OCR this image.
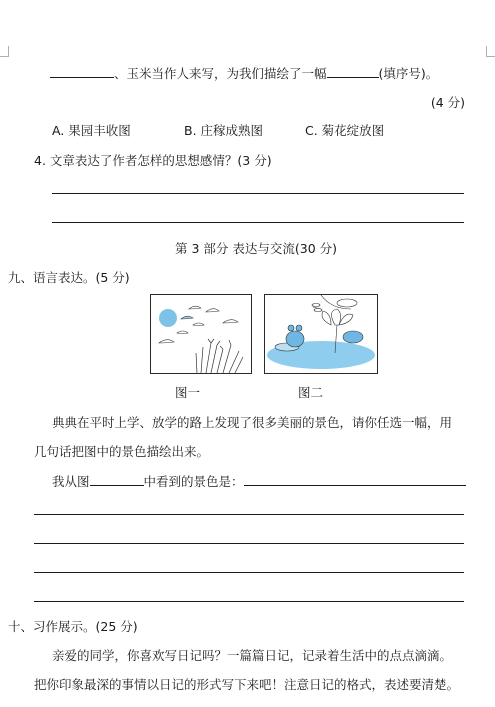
、玉米当作人来写，为我们描绘了一幅	(填序号)。
(4 分)
A. 果园丰收图	B. 庄稼成熟图	C. 菊花绽放图
4. 文章表达了作者怎样的思想感情？(3 分)
第 3 部分 表达与交流(30 分)
九、语言表达。(5 分)
图一	图二
典典在平时上学、放学的路上发现了很多美丽的景色，请你任选一幅，用
几句话把图中的景色描绘出来。
我从图	中看到的景色是：
十、习作展示。(25 分)
亲爱的同学，你喜欢写日记吗？一篇篇日记，记录着生活中的点点滴滴。
把你印象最深的事情以日记的形式写下来吧！注意日记的格式，表述要清楚。
